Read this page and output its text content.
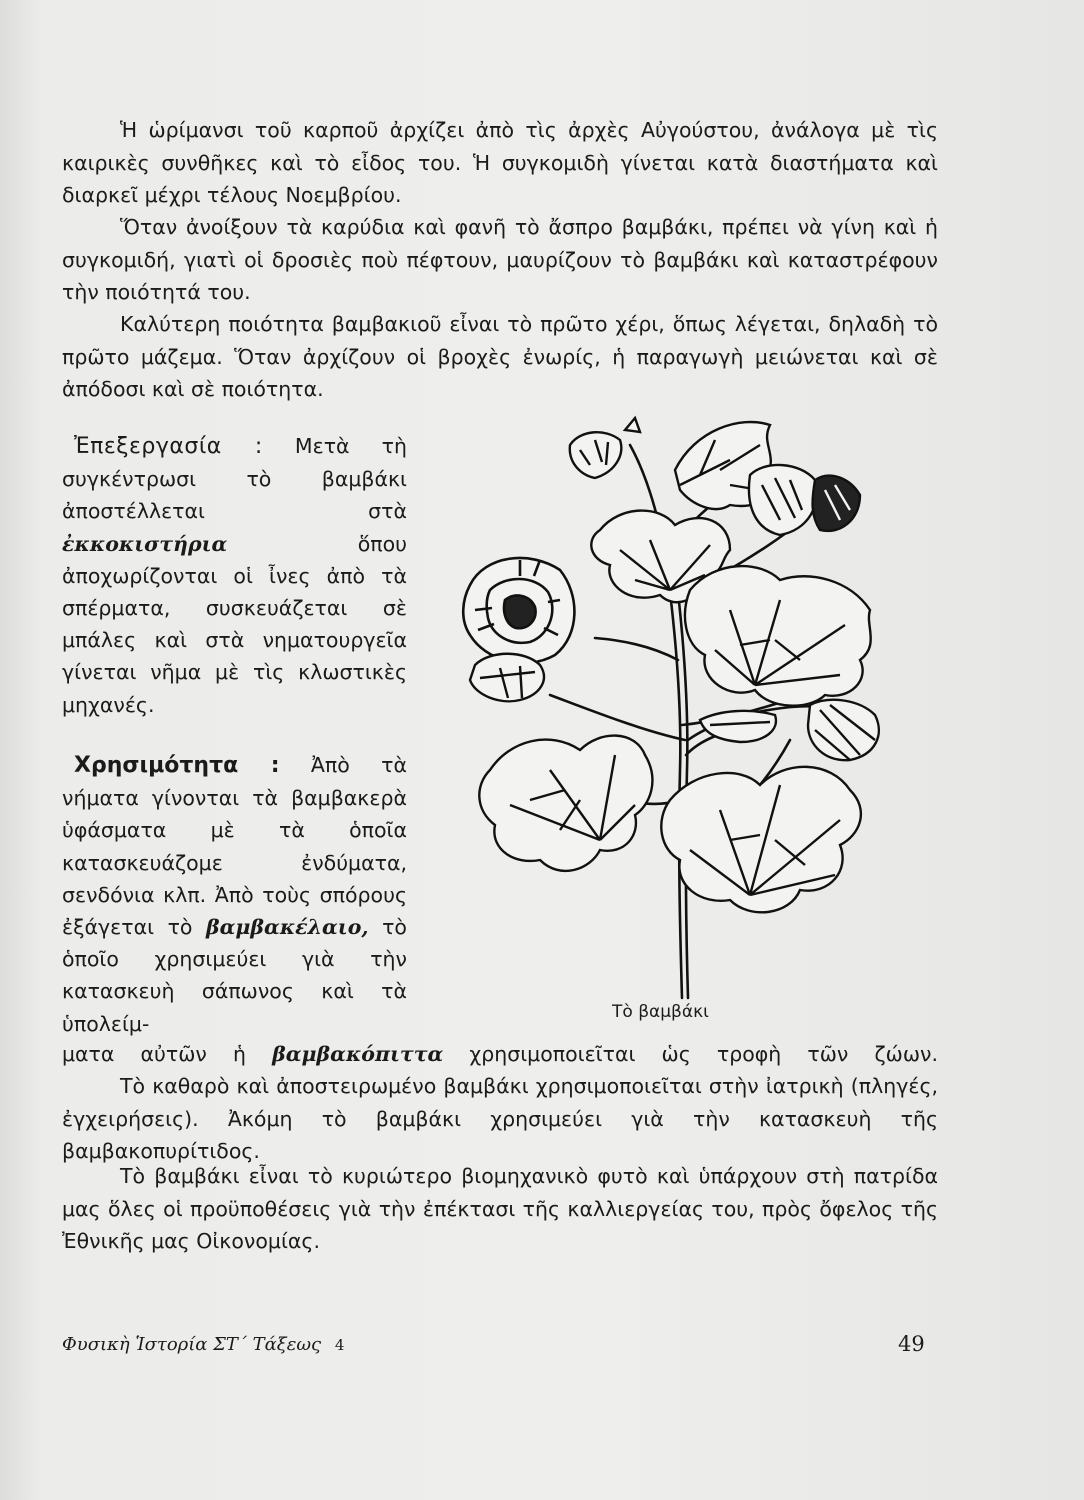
Ἡ ὡρίμανσι τοῦ καρποῦ ἀρχίζει ἀπὸ τὶς ἀρχὲς Αὐγούστου, ἀνάλογα μὲ τὶς καιρικὲς συνθῆκες καὶ τὸ εἶδος του. Ἡ συγκομιδὴ γίνεται κατὰ διαστήματα καὶ διαρκεῖ μέχρι τέλους Νοεμβρίου.

Ὅταν ἀνοίξουν τὰ καρύδια καὶ φανῆ τὸ ἄσπρο βαμβάκι, πρέπει νὰ γίνη καὶ ἡ συγκομιδή, γιατὶ οἱ δροσιὲς ποὺ πέφτουν, μαυρίζουν τὸ βαμβάκι καὶ καταστρέφουν τὴν ποιότητά του.

Καλύτερη ποιότητα βαμβακιοῦ εἶναι τὸ πρῶτο χέρι, ὅπως λέγεται, δηλαδὴ τὸ πρῶτο μάζεμα. Ὅταν ἀρχίζουν οἱ βροχὲς ἐνωρίς, ἡ παραγωγὴ μειώνεται καὶ σὲ ἀπόδοσι καὶ σὲ ποιότητα.

Ἐπεξεργασία : Μετὰ τὴ συγκέντρωσι τὸ βαμβάκι ἀποστέλλεται στὰ ἐκκοκιστήρια	ὅπου ἀποχωρίζονται οἱ ἶνες ἀπὸ τὰ σπέρματα, συσκευάζεται σὲ μπάλες καὶ στὰ νηματουργεῖα γίνεται νῆμα μὲ τὶς κλωστικὲς μηχανές.

Χρησιμότητα : Ἀπὸ τὰ νήματα γίνονται τὰ βαμβακερὰ ὑφάσματα μὲ τὰ ὁποῖα κατασκευάζομε ἐνδύματα, σενδόνια κλπ. Ἀπὸ τοὺς σπόρους ἐξάγεται τὸ βαμβακέλαιο, τὸ ὁποῖο χρησιμεύει γιὰ τὴν κατασκευὴ σάπωνος καὶ τὰ ὑπολείμ-

ματα αὐτῶν ἡ βαμβακόπιττα χρησιμοποιεῖται ὡς τροφὴ τῶν ζώων.

Τὸ καθαρὸ καὶ ἀποστειρωμένο βαμβάκι χρησιμοποιεῖται στὴν ἰατρικὴ (πληγές, ἐγχειρήσεις). Ἀκόμη τὸ βαμβάκι χρησιμεύει γιὰ τὴν κατασκευὴ τῆς βαμβακοπυρίτιδος.

Τὸ βαμβάκι εἶναι τὸ κυριώτερο βιομηχανικὸ φυτὸ καὶ ὑπάρχουν στὴ πατρίδα μας ὅλες οἱ προϋποθέσεις γιὰ τὴν ἐπέκτασι τῆς καλλιεργείας του, πρὸς ὄφελος τῆς Ἐθνικῆς μας Οἰκονομίας.

Τὸ βαμβάκι
Φυσικὴ Ἱστορία ΣΤ΄ Τάξεως 4	49
